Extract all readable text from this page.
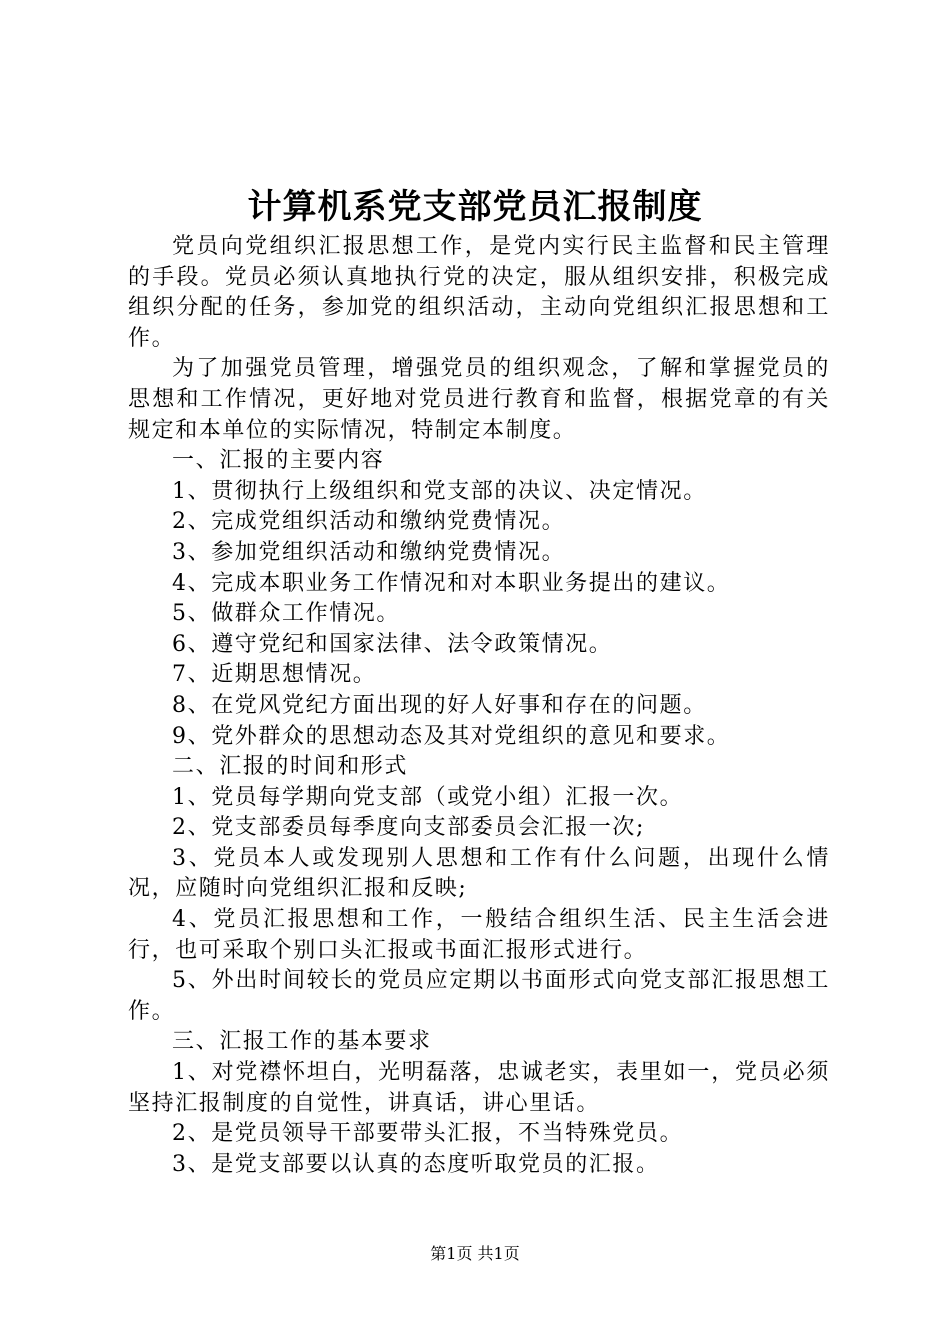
计算机系党支部党员汇报制度

党员向党组织汇报思想工作，是党内实行民主监督和民主管理的手段。党员必须认真地执行党的决定，服从组织安排，积极完成组织分配的任务，参加党的组织活动，主动向党组织汇报思想和工作。

为了加强党员管理，增强党员的组织观念，了解和掌握党员的思想和工作情况，更好地对党员进行教育和监督，根据党章的有关规定和本单位的实际情况，特制定本制度。

一、汇报的主要内容

1、贯彻执行上级组织和党支部的决议、决定情况。

2、完成党组织活动和缴纳党费情况。

3、参加党组织活动和缴纳党费情况。

4、完成本职业务工作情况和对本职业务提出的建议。

5、做群众工作情况。

6、遵守党纪和国家法律、法令政策情况。

7、近期思想情况。

8、在党风党纪方面出现的好人好事和存在的问题。

9、党外群众的思想动态及其对党组织的意见和要求。

二、汇报的时间和形式

1、党员每学期向党支部（或党小组）汇报一次。

2、党支部委员每季度向支部委员会汇报一次;

3、党员本人或发现别人思想和工作有什么问题，出现什么情况，应随时向党组织汇报和反映;

4、党员汇报思想和工作，一般结合组织生活、民主生活会进行，也可采取个别口头汇报或书面汇报形式进行。

5、外出时间较长的党员应定期以书面形式向党支部汇报思想工作。

三、汇报工作的基本要求

1、对党襟怀坦白，光明磊落，忠诚老实，表里如一，党员必须坚持汇报制度的自觉性，讲真话，讲心里话。

2、是党员领导干部要带头汇报，不当特殊党员。

3、是党支部要以认真的态度听取党员的汇报。

第1页 共1页
